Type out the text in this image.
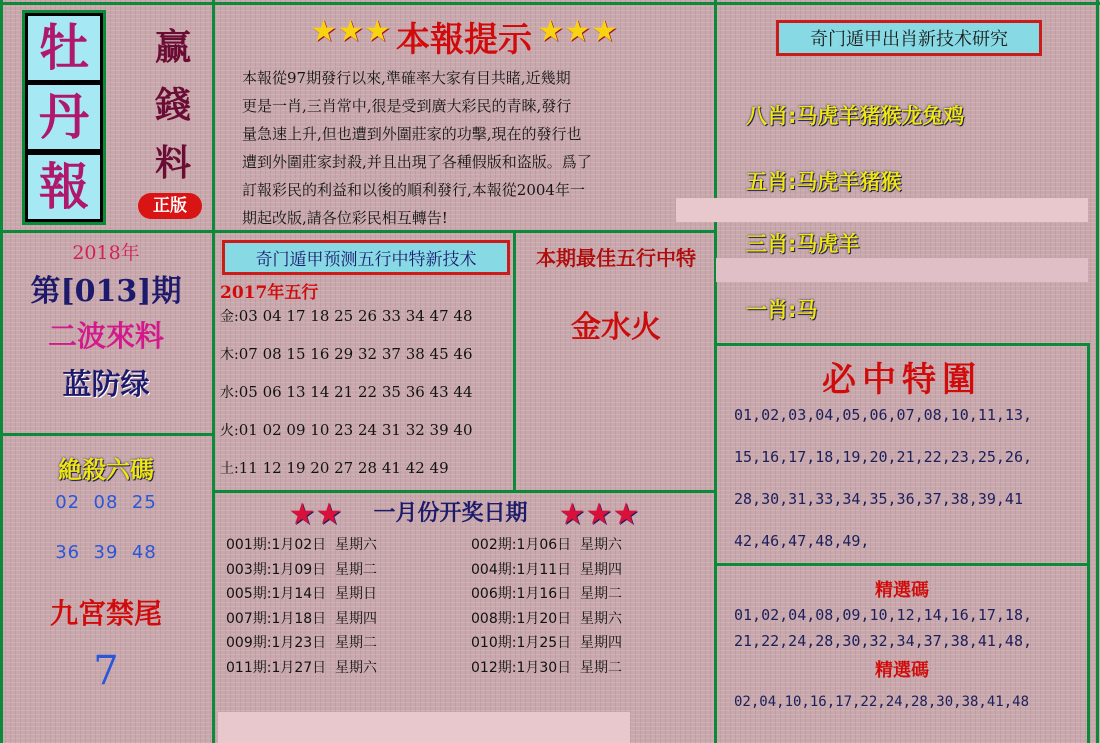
牡
丹
報
赢
錢
料
正版
2018年
第[013]期
二波來料
蓝防绿
絶殺六碼
02  08  25
36  39  48
九宮禁尾
7
★★★ 本報提示 ★★★
本報從97期發行以來,準確率大家有目共睹,近幾期
更是一肖,三肖常中,很是受到廣大彩民的青睞,發行
量急速上升,但也遭到外圍莊家的功擊,現在的發行也
遭到外圍莊家封殺,并且出現了各種假版和盗版。爲了
訂報彩民的利益和以後的順利發行,本報從2004年一
期起改版,請各位彩民相互轉告!
奇门遁甲预测五行中特新技术
2017年五行
金:03 04 17 18 25 26 33 34 47 48
木:07 08 15 16 29 32 37 38 45 46
水:05 06 13 14 21 22 35 36 43 44
火:01 02 09 10 23 24 31 32 39 40
土:11 12 19 20 27 28 41 42 49
本期最佳五行中特
金水火
★★ 一月份开奖日期 ★★★
001期:1月02日  星期六	002期:1月06日  星期六
003期:1月09日  星期二	004期:1月11日  星期四
005期:1月14日  星期日	006期:1月16日  星期二
007期:1月18日  星期四	008期:1月20日  星期六
009期:1月23日  星期二	010期:1月25日  星期四
011期:1月27日  星期六	012期:1月30日  星期二
奇门遁甲出肖新技术研究
八肖:马虎羊猪猴龙兔鸡
五肖:马虎羊猪猴
三肖:马虎羊
一肖:马
必中特圍
01,02,03,04,05,06,07,08,10,11,13,
15,16,17,18,19,20,21,22,23,25,26,
28,30,31,33,34,35,36,37,38,39,41
42,46,47,48,49,
精選碼
01,02,04,08,09,10,12,14,16,17,18,
21,22,24,28,30,32,34,37,38,41,48,
精選碼
02,04,10,16,17,22,24,28,30,38,41,48
